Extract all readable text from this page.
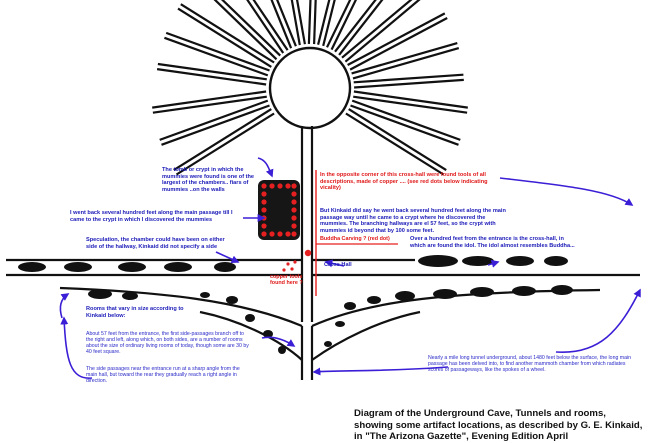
The tomb or crypt in which the mummies were found is one of the largest of the chambers.. fiars of mummies ..on the walls
I went back several hundred feet along the main passage till I came to the crypt in which I discovered the mummies
Speculation, the chamber could have been on either side of the hallway, Kinkaid did not specify a side
In the opposite corner of this cross-hall were found tools of all descriptions, made of copper .... (see red dots below indicating vicality)
But Kinkaid did say he went back several hundred feet along the main passage way until he came to a crypt where he discovered the mummies. The branching hallways are el 57 feet, so the crypt with mummies id beyond that by 100 some feet.
Buddha Carving ? (red dot)	Over a hundred feet from the entrance is the cross-hall, in which are found the idol. The idol almost resembles Buddha...
Cross Hall
copper tools found here ?
Rooms that vary in size according to Kinkaid below:
About 57 feet from the entrance, the first side-passages branch off to the right and left, along which, on both sides, are a number of rooms about the size of ordinary living rooms of today, though some are 30 by 40 feet square.
The side passages near the entrance run at a sharp angle from the main hall, but toward the rear they gradually reach a right angle in direction.
Nearly a mile long tunnel underground, about 1480 feet below the surface, the long main passage has been delved into, to find another mammoth chamber from which radiates scores of passageways, like the spokes of a wheel.
Diagram of the Underground Cave, Tunnels and rooms, showing some artifact locations, as described by G. E. Kinkaid, in "The Arizona Gazette", Evening Edition April
